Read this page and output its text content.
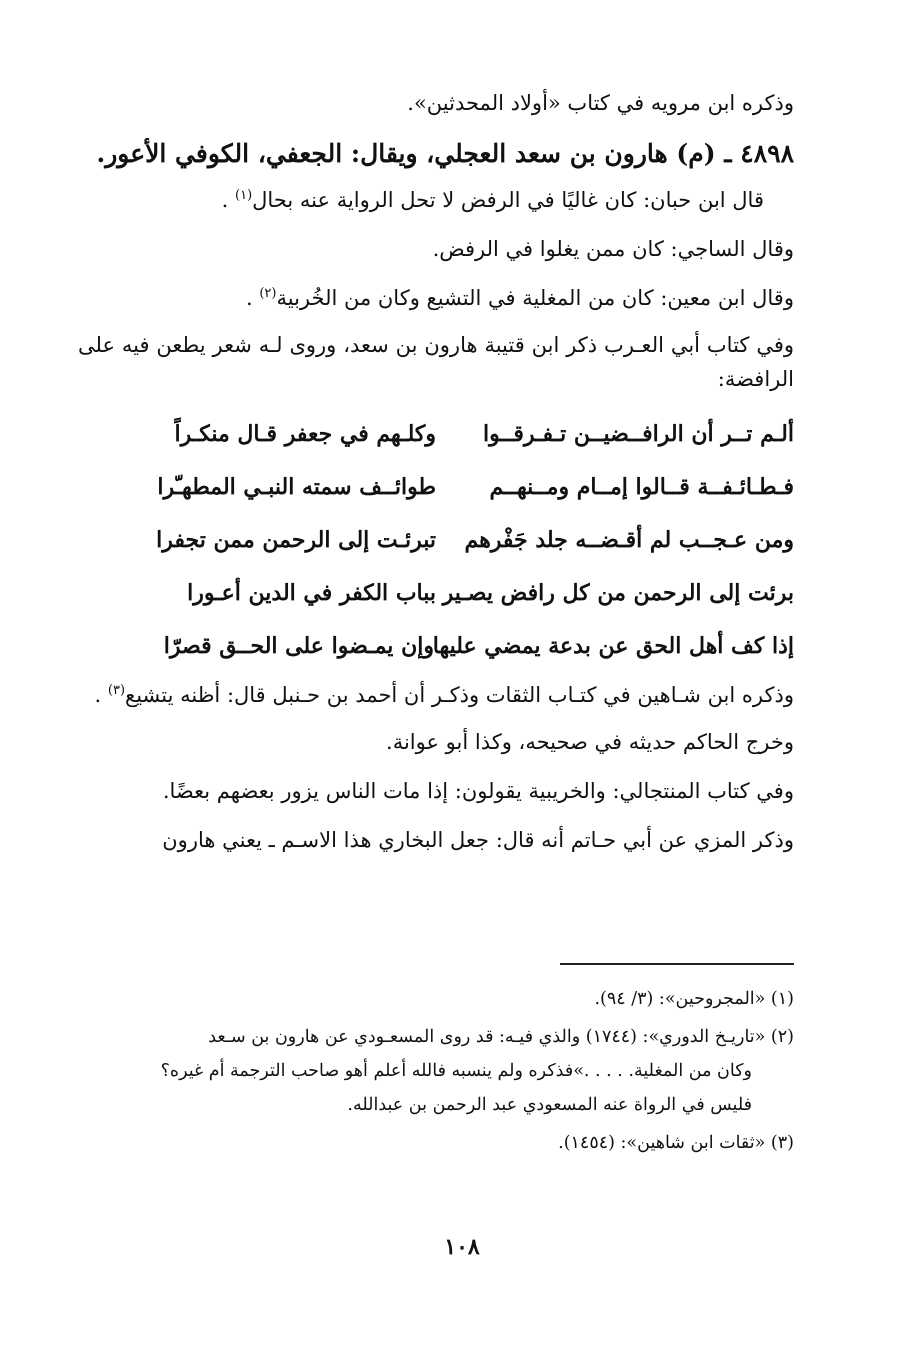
وذكره ابن مرويه في كتاب «أولاد المحدثين».
٤٨٩٨ ـ (م) هارون بن سعد العجلي، ويقال: الجعفي، الكوفي الأعور.
قال ابن حبان: كان غاليًا في الرفض لا تحل الرواية عنه بحال$^{(١)}$ .
وقال الساجي: كان ممن يغلوا في الرفض.
وقال ابن معين: كان من المغلية في التشيع وكان من الخُربية$^{(٢)}$ .
وفي كتاب أبي العـرب ذكر ابن قتيبة هارون بن سعد، وروى لـه شعر يطعن فيه على الرافضة:
ألـم تــر أن الرافــضيــن تـفـرقــوا
وكلـهم في جعفر قـال منكـراً
فـطـائـفــة قــالوا إمــام ومــنهــم
طوائــف سمته النبـي المطهـّرا
ومن عـجــب لم أقـضــه جلد جَفْرهم
تبرئـت إلى الرحمن ممن تجفرا
برئت إلى الرحمن من كل رافض يصـير
بباب الكفر في الدين أعـورا
إذا كف أهل الحق عن بدعة يمضي عليها
وإن يمـضوا على الحــق قصرّا
وذكره ابن شـاهين في كتـاب الثقات وذكـر أن أحمد بن حـنبل قال: أظنه يتشيع$^{(٣)}$ .
وخرج الحاكم حديثه في صحيحه، وكذا أبو عوانة.
وفي كتاب المنتجالي: والخريبية يقولون: إذا مات الناس يزور بعضهم بعضًا.
وذكر المزي عن أبي حـاتم أنه قال: جعل البخاري هذا الاسـم ـ يعني هارون
(١) «المجروحين»: (٣/ ٩٤).
(٢) «تاريـخ الدوري»: (١٧٤٤) والذي فيـه: قد روى المسعـودي عن هارون بن سـعد
وكان من المغلية. . . . .»فذكره ولم ينسبه فالله أعلم أهو صاحب الترجمة أم غيره؟
فليس في الرواة عنه المسعودي عبد الرحمن بن عبدالله.
(٣) «ثقات ابن شاهين»: (١٤٥٤).
١٠٨
